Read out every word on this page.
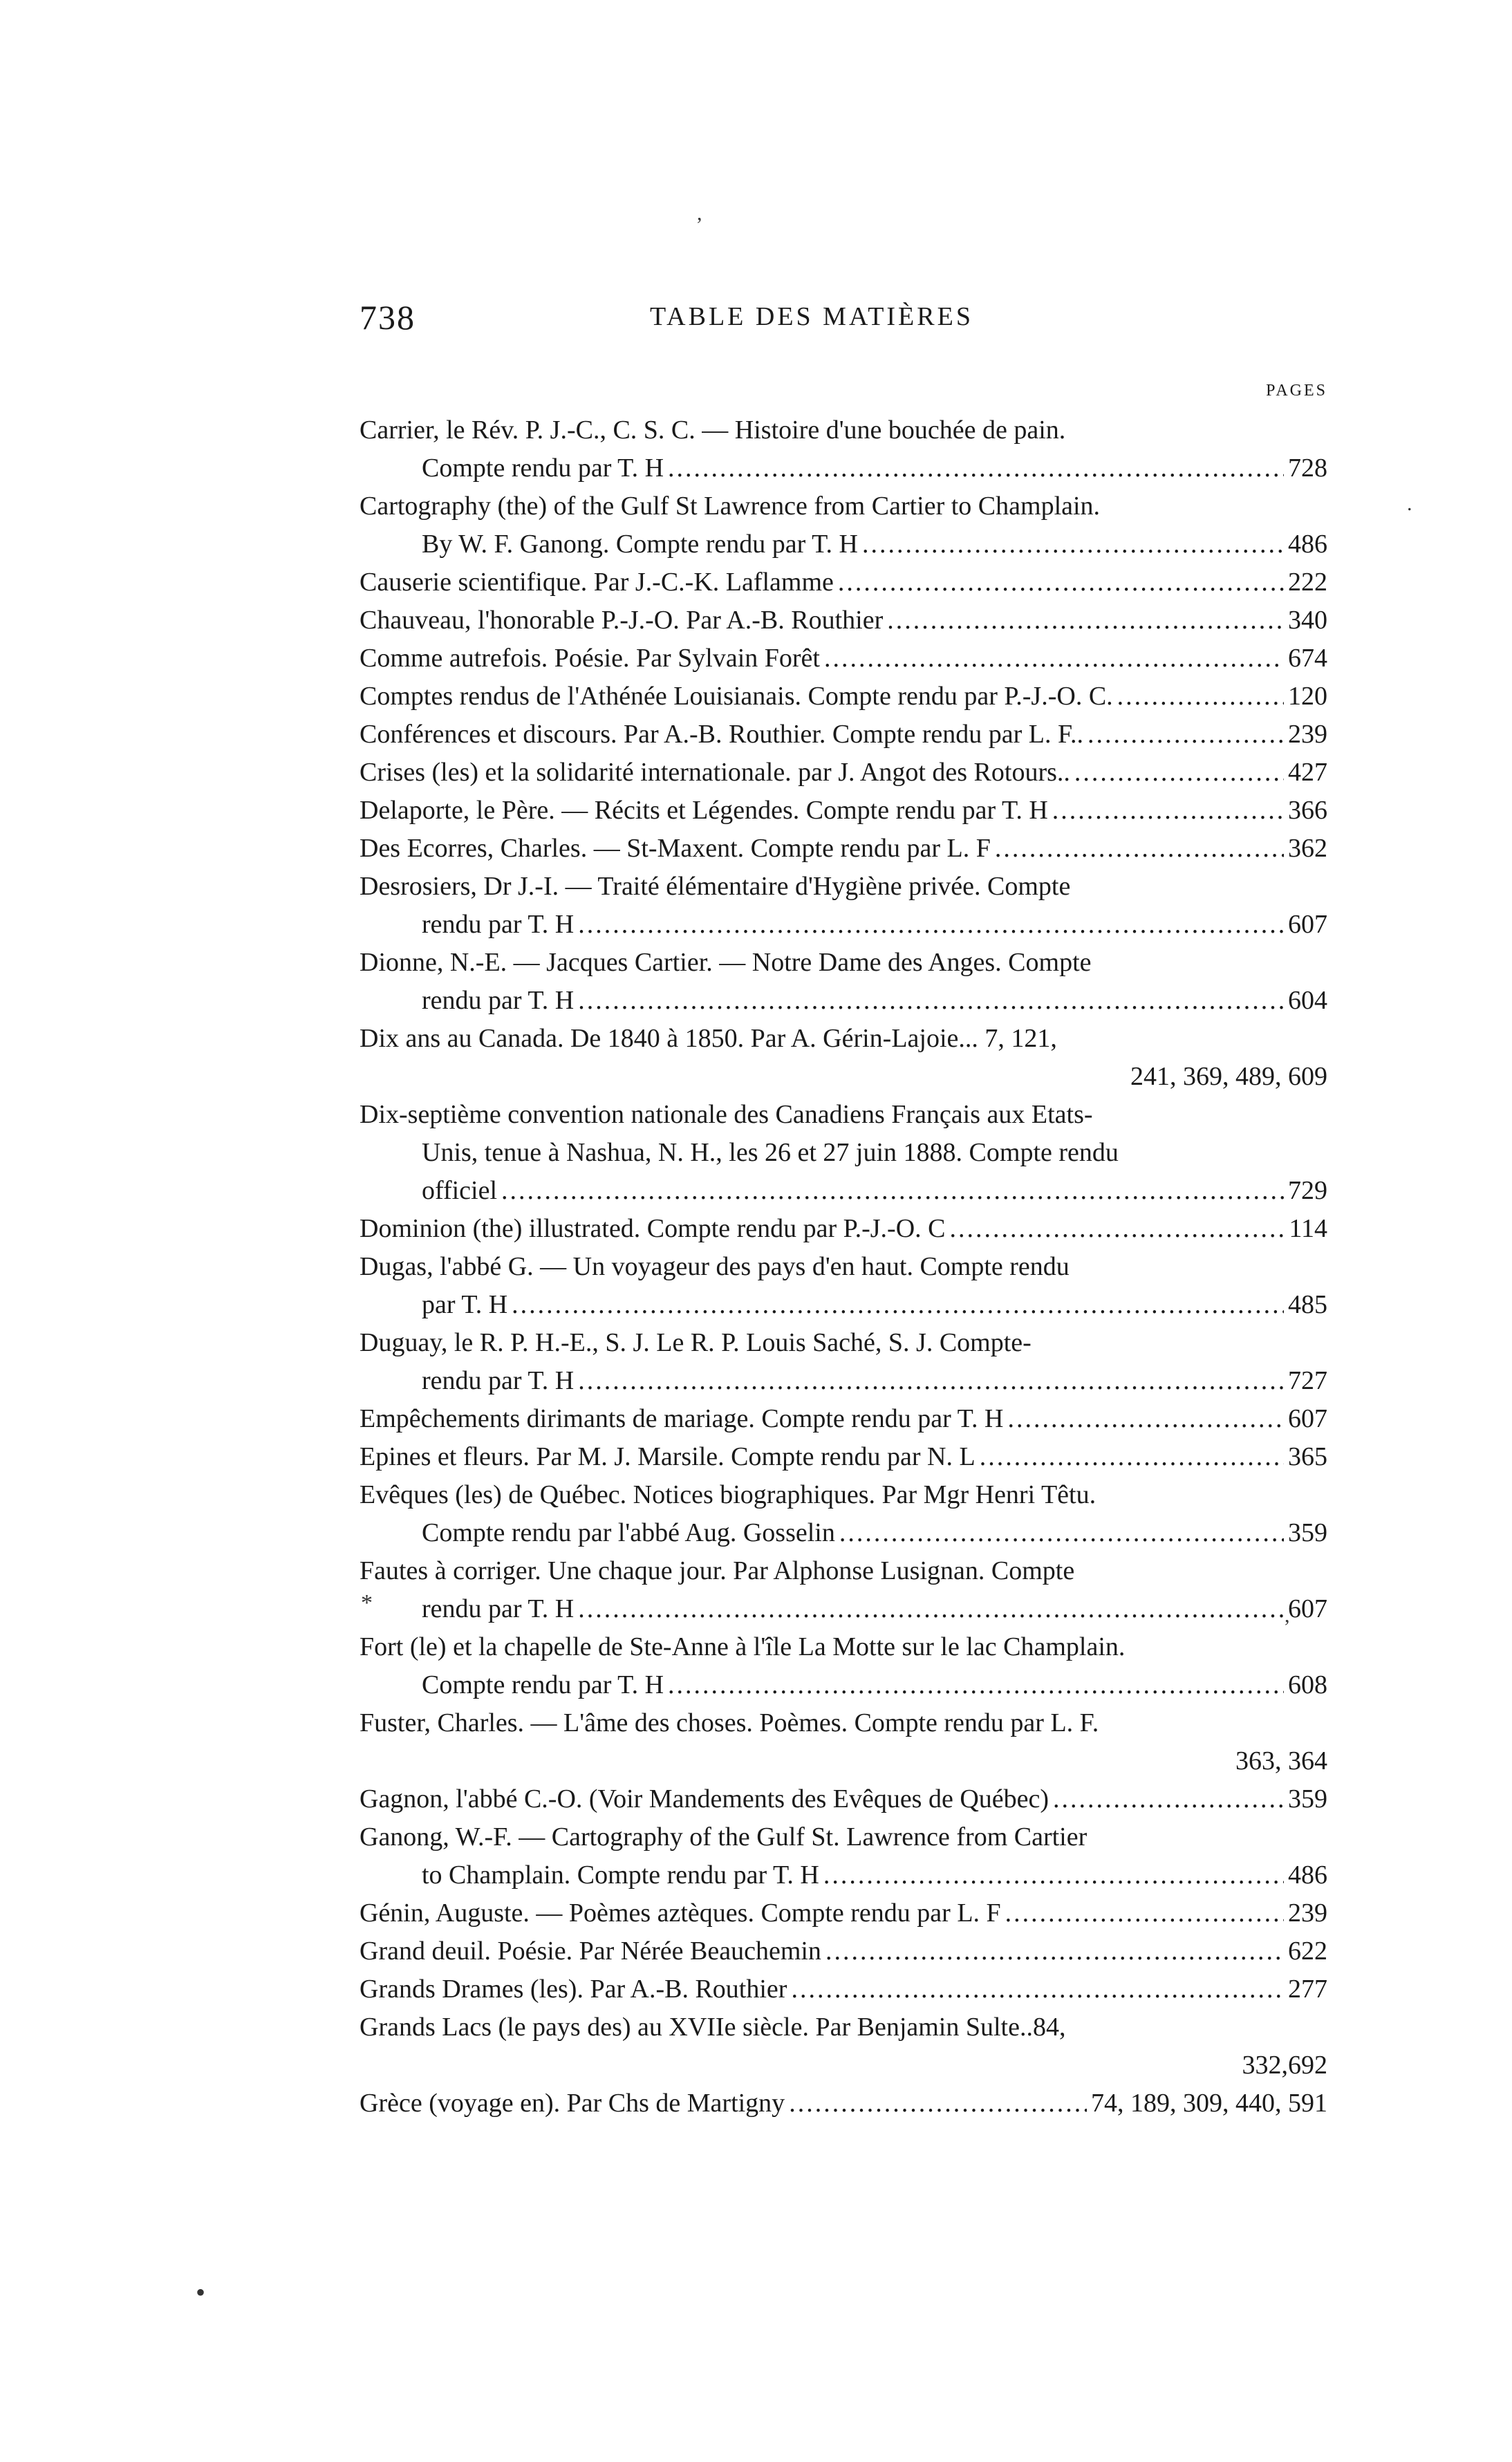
738	TABLE DES MATIÈRES
PAGES
Carrier, le Rév. P. J.-C., C. S. C. — Histoire d'une bouchée de pain.
Compte rendu par T. H .....	728
Cartography (the) of the Gulf St Lawrence from Cartier to Champlain.
By W. F. Ganong. Compte rendu par T. H .....	486
Causerie scientifique. Par J.-C.-K. Laflamme .....	222
Chauveau, l'honorable P.-J.-O. Par A.-B. Routhier .....	340
Comme autrefois. Poésie. Par Sylvain Forêt .....	674
Comptes rendus de l'Athénée Louisianais. Compte rendu par P.-J.-O. C. .....	120
Conférences et discours. Par A.-B. Routhier. Compte rendu par L. F.. .....	239
Crises (les) et la solidarité internationale. par J. Angot des Rotours.. .....	427
Delaporte, le Père. — Récits et Légendes. Compte rendu par T. H .....	366
Des Ecorres, Charles. — St-Maxent. Compte rendu par L. F .....	362
Desrosiers, Dr J.-I. — Traité élémentaire d'Hygiène privée. Compte
rendu par T. H .....	607
Dionne, N.-E. — Jacques Cartier. — Notre Dame des Anges. Compte
rendu par T. H .....	604
Dix ans au Canada. De 1840 à 1850. Par A. Gérin-Lajoie... 7, 121,
241, 369, 489, 609
Dix-septième convention nationale des Canadiens Français aux Etats-
Unis, tenue à Nashua, N. H., les 26 et 27 juin 1888. Compte rendu
officiel .....	729
Dominion (the) illustrated. Compte rendu par P.-J.-O. C .....	114
Dugas, l'abbé G. — Un voyageur des pays d'en haut. Compte rendu
par T. H .....	485
Duguay, le R. P. H.-E., S. J. Le R. P. Louis Saché, S. J. Compte-
rendu par T. H .....	727
Empêchements dirimants de mariage. Compte rendu par T. H .....	607
Epines et fleurs. Par M. J. Marsile. Compte rendu par N. L .....	365
Evêques (les) de Québec. Notices biographiques. Par Mgr Henri Têtu.
Compte rendu par l'abbé Aug. Gosselin .....	359
Fautes à corriger. Une chaque jour. Par Alphonse Lusignan. Compte
rendu par T. H .....	607
Fort (le) et la chapelle de Ste-Anne à l'île La Motte sur le lac Champlain.
Compte rendu par T. H .....	608
Fuster, Charles. — L'âme des choses. Poèmes. Compte rendu par L. F.
363, 364
Gagnon, l'abbé C.-O. (Voir Mandements des Evêques de Québec) .....	359
Ganong, W.-F. — Cartography of the Gulf St. Lawrence from Cartier
to Champlain. Compte rendu par T. H .....	486
Génin, Auguste. — Poèmes aztèques. Compte rendu par L. F .....	239
Grand deuil. Poésie. Par Nérée Beauchemin .....	622
Grands Drames (les). Par A.-B. Routhier .....	277
Grands Lacs (le pays des) au XVIIe siècle. Par Benjamin Sulte..84,
332,692
Grèce (voyage en). Par Chs de Martigny .....	74, 189, 309, 440, 591
,
.
*	,
•
